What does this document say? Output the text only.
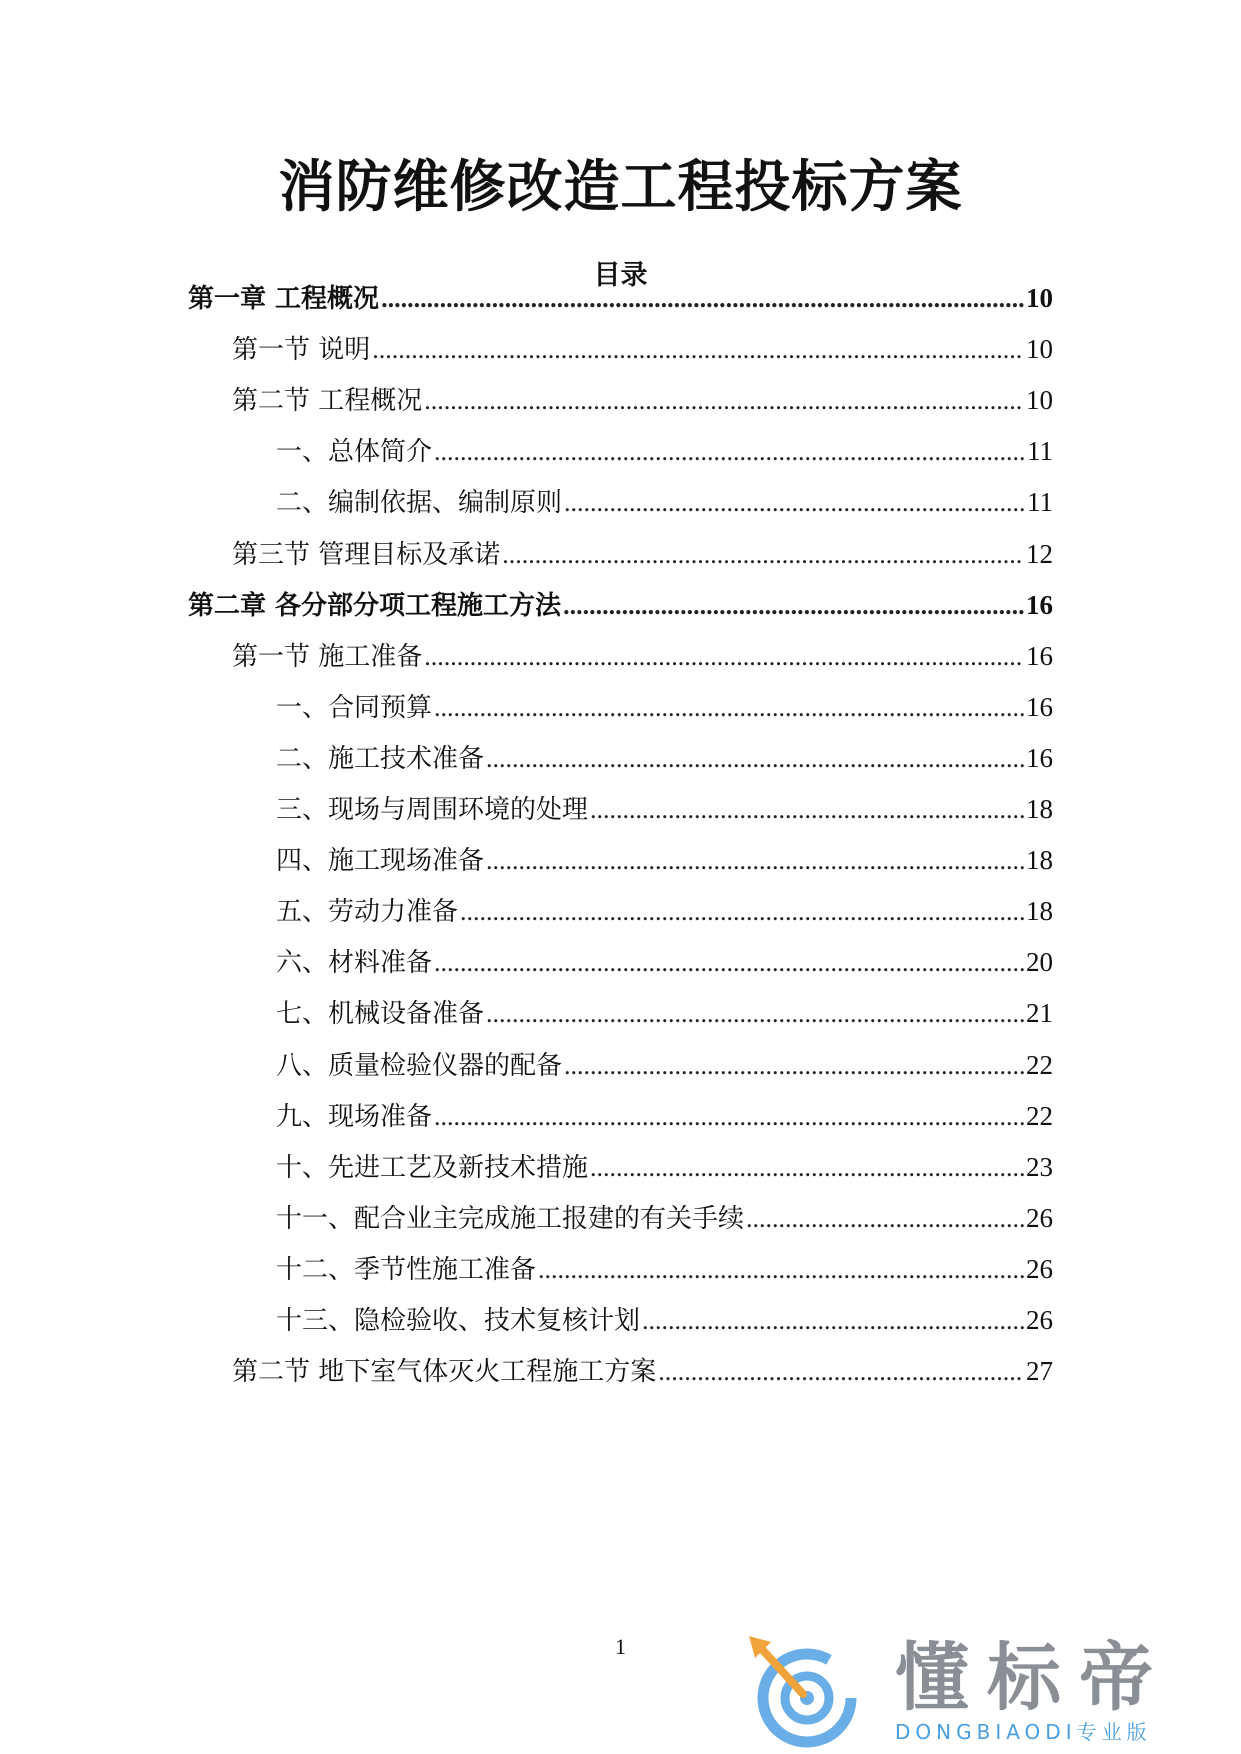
消防维修改造工程投标方案
目录
第一章 工程概况 .....	10
第一节 说明 .....	10
第二节 工程概况 .....	10
一、总体简介 .....	11
二、编制依据、编制原则 .....	11
第三节 管理目标及承诺 .....	12
第二章 各分部分项工程施工方法 .....	16
第一节 施工准备 .....	16
一、合同预算 .....	16
二、施工技术准备 .....	16
三、现场与周围环境的处理 .....	18
四、施工现场准备 .....	18
五、劳动力准备 .....	18
六、材料准备 .....	20
七、机械设备准备 .....	21
八、质量检验仪器的配备 .....	22
九、现场准备 .....	22
十、先进工艺及新技术措施 .....	23
十一、配合业主完成施工报建的有关手续 .....	26
十二、季节性施工准备 .....	26
十三、隐检验收、技术复核计划 .....	26
第二节 地下室气体灭火工程施工方案 .....	27
1	懂标帝
DONGBIAODI专业版
